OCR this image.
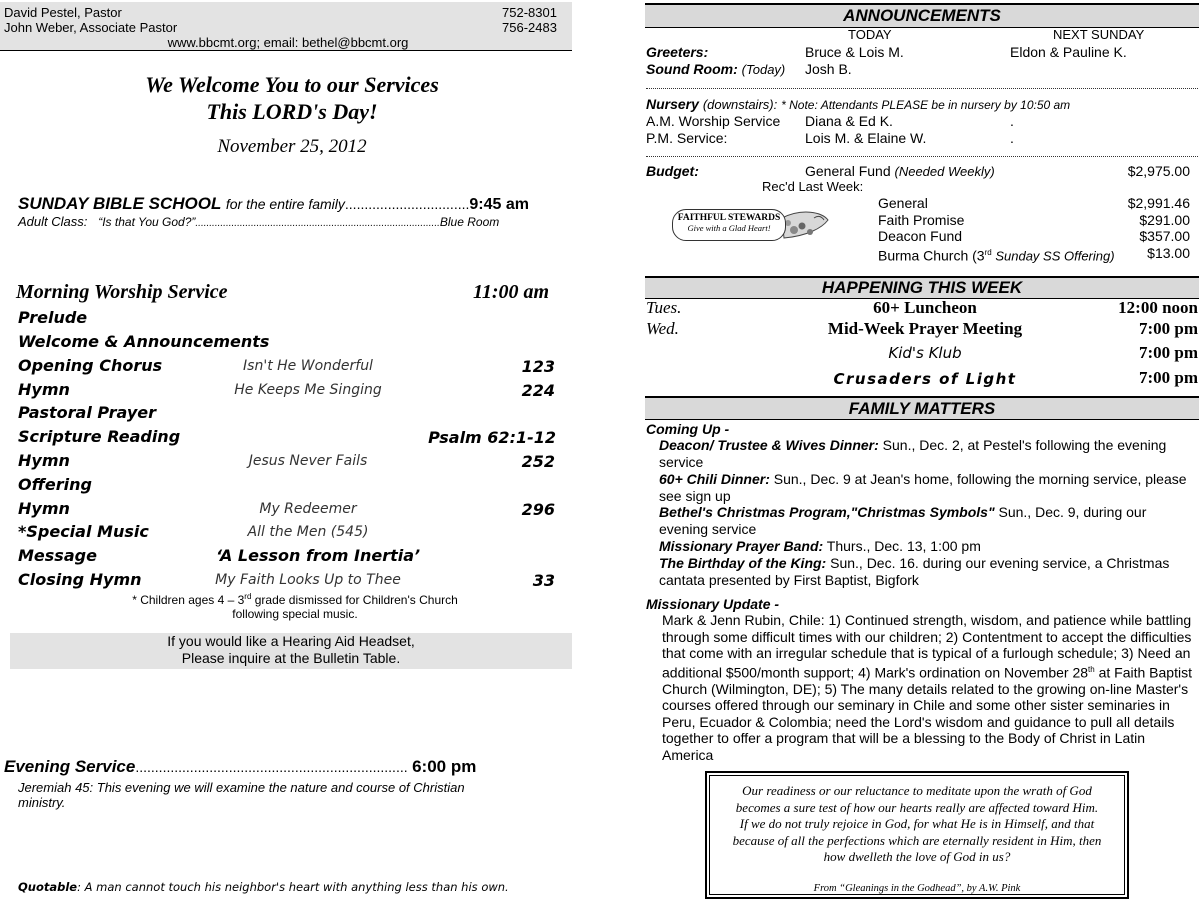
David Pestel, Pastor	752-8301
John Weber, Associate Pastor	756-2483
www.bbcmt.org; email: bethel@bbcmt.org
We Welcome You to our Services
This LORD's Day!
November 25, 2012
SUNDAY BIBLE SCHOOL for the entire family................................9:45 am
Adult Class: “Is that You God?”........................................................................................Blue Room
Morning Worship Service	11:00 am
Prelude
Welcome & Announcements
Opening Chorus	Isn't He Wonderful	123
Hymn	He Keeps Me Singing	224
Pastoral Prayer
Scripture Reading	Psalm 62:1-12
Hymn	Jesus Never Fails	252
Offering
Hymn	My Redeemer	296
*Special Music	All the Men (545)
Message	‘A Lesson from Inertia’
Closing Hymn	My Faith Looks Up to Thee	33
* Children ages 4 – 3rd grade dismissed for Children's Church
following special music.
If you would like a Hearing Aid Headset,
Please inquire at the Bulletin Table.
Evening Service...................................................................... 6:00 pm
Jeremiah 45: This evening we will examine the nature and course of Christian
ministry.
Quotable: A man cannot touch his neighbor's heart with anything less than his own.
ANNOUNCEMENTS
TODAY	NEXT SUNDAY
Greeters:	Bruce & Lois M.	Eldon & Pauline K.
Sound Room: (Today) Josh B.
Nursery (downstairs): * Note: Attendants PLEASE be in nursery by 10:50 am
A.M. Worship Service Diana & Ed K.	.
P.M. Service:	Lois M. & Elaine W.	.
Budget:	General Fund (Needed Weekly)	$2,975.00
Rec'd Last Week:
FAITHFUL STEWARDS
Give with a Glad Heart!
General	$2,991.46
Faith Promise	$291.00
Deacon Fund	$357.00
Burma Church (3rd Sunday SS Offering) $13.00
HAPPENING THIS WEEK
Tues.	60+ Luncheon	12:00 noon
Wed.	Mid-Week Prayer Meeting	7:00 pm
Kid's Klub	7:00 pm
Crusaders of Light	7:00 pm
FAMILY MATTERS
Coming Up -
Deacon/ Trustee & Wives Dinner: Sun., Dec. 2, at Pestel's following the evening service
60+ Chili Dinner: Sun., Dec. 9 at Jean's home, following the morning service, please see sign up
Bethel's Christmas Program,"Christmas Symbols" Sun., Dec. 9, during our evening service
Missionary Prayer Band: Thurs., Dec. 13, 1:00 pm
The Birthday of the King: Sun., Dec. 16. during our evening service, a Christmas cantata presented by First Baptist, Bigfork
Missionary Update -
Mark & Jenn Rubin, Chile: 1) Continued strength, wisdom, and patience while battling through some difficult times with our children; 2) Contentment to accept the difficulties that come with an irregular schedule that is typical of a furlough schedule; 3) Need an additional $500/month support; 4) Mark's ordination on November 28th at Faith Baptist Church (Wilmington, DE); 5) The many details related to the growing on-line Master's courses offered through our seminary in Chile and some other sister seminaries in Peru, Ecuador & Colombia; need the Lord's wisdom and guidance to pull all details together to offer a program that will be a blessing to the Body of Christ in Latin America
Our readiness or our reluctance to meditate upon the wrath of God becomes a sure test of how our hearts really are affected toward Him. If we do not truly rejoice in God, for what He is in Himself, and that because of all the perfections which are eternally resident in Him, then how dwelleth the love of God in us?
From “Gleanings in the Godhead”, by A.W. Pink
